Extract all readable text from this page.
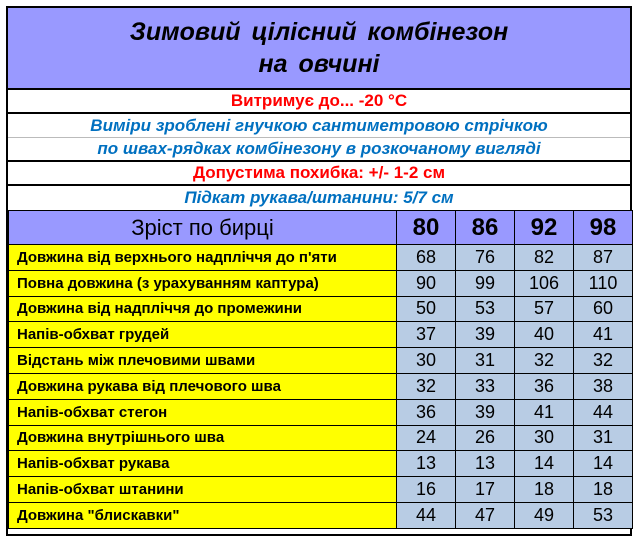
Зимовий цілісний комбінезон
на овчині
Витримує до... -20 °С
Виміри зроблені гнучкою сантиметровою стрічкою
по швах-рядках комбінезону в розкочаному вигляді
Допустима похибка: +/- 1-2 см
Підкат рукава/штанини: 5/7 см
Зріст по бирці	80	86	92	98
Довжина від верхнього надпліччя до п'яти	68	76	82	87
Повна довжина (з урахуванням каптура)	90	99	106	110
Довжина від надпліччя до промежини	50	53	57	60
Напів-обхват грудей	37	39	40	41
Відстань між плечовими швами	30	31	32	32
Довжина рукава від плечового шва	32	33	36	38
Напів-обхват стегон	36	39	41	44
Довжина внутрішнього шва	24	26	30	31
Напів-обхват рукава	13	13	14	14
Напів-обхват штанини	16	17	18	18
Довжина "блискавки"	44	47	49	53
